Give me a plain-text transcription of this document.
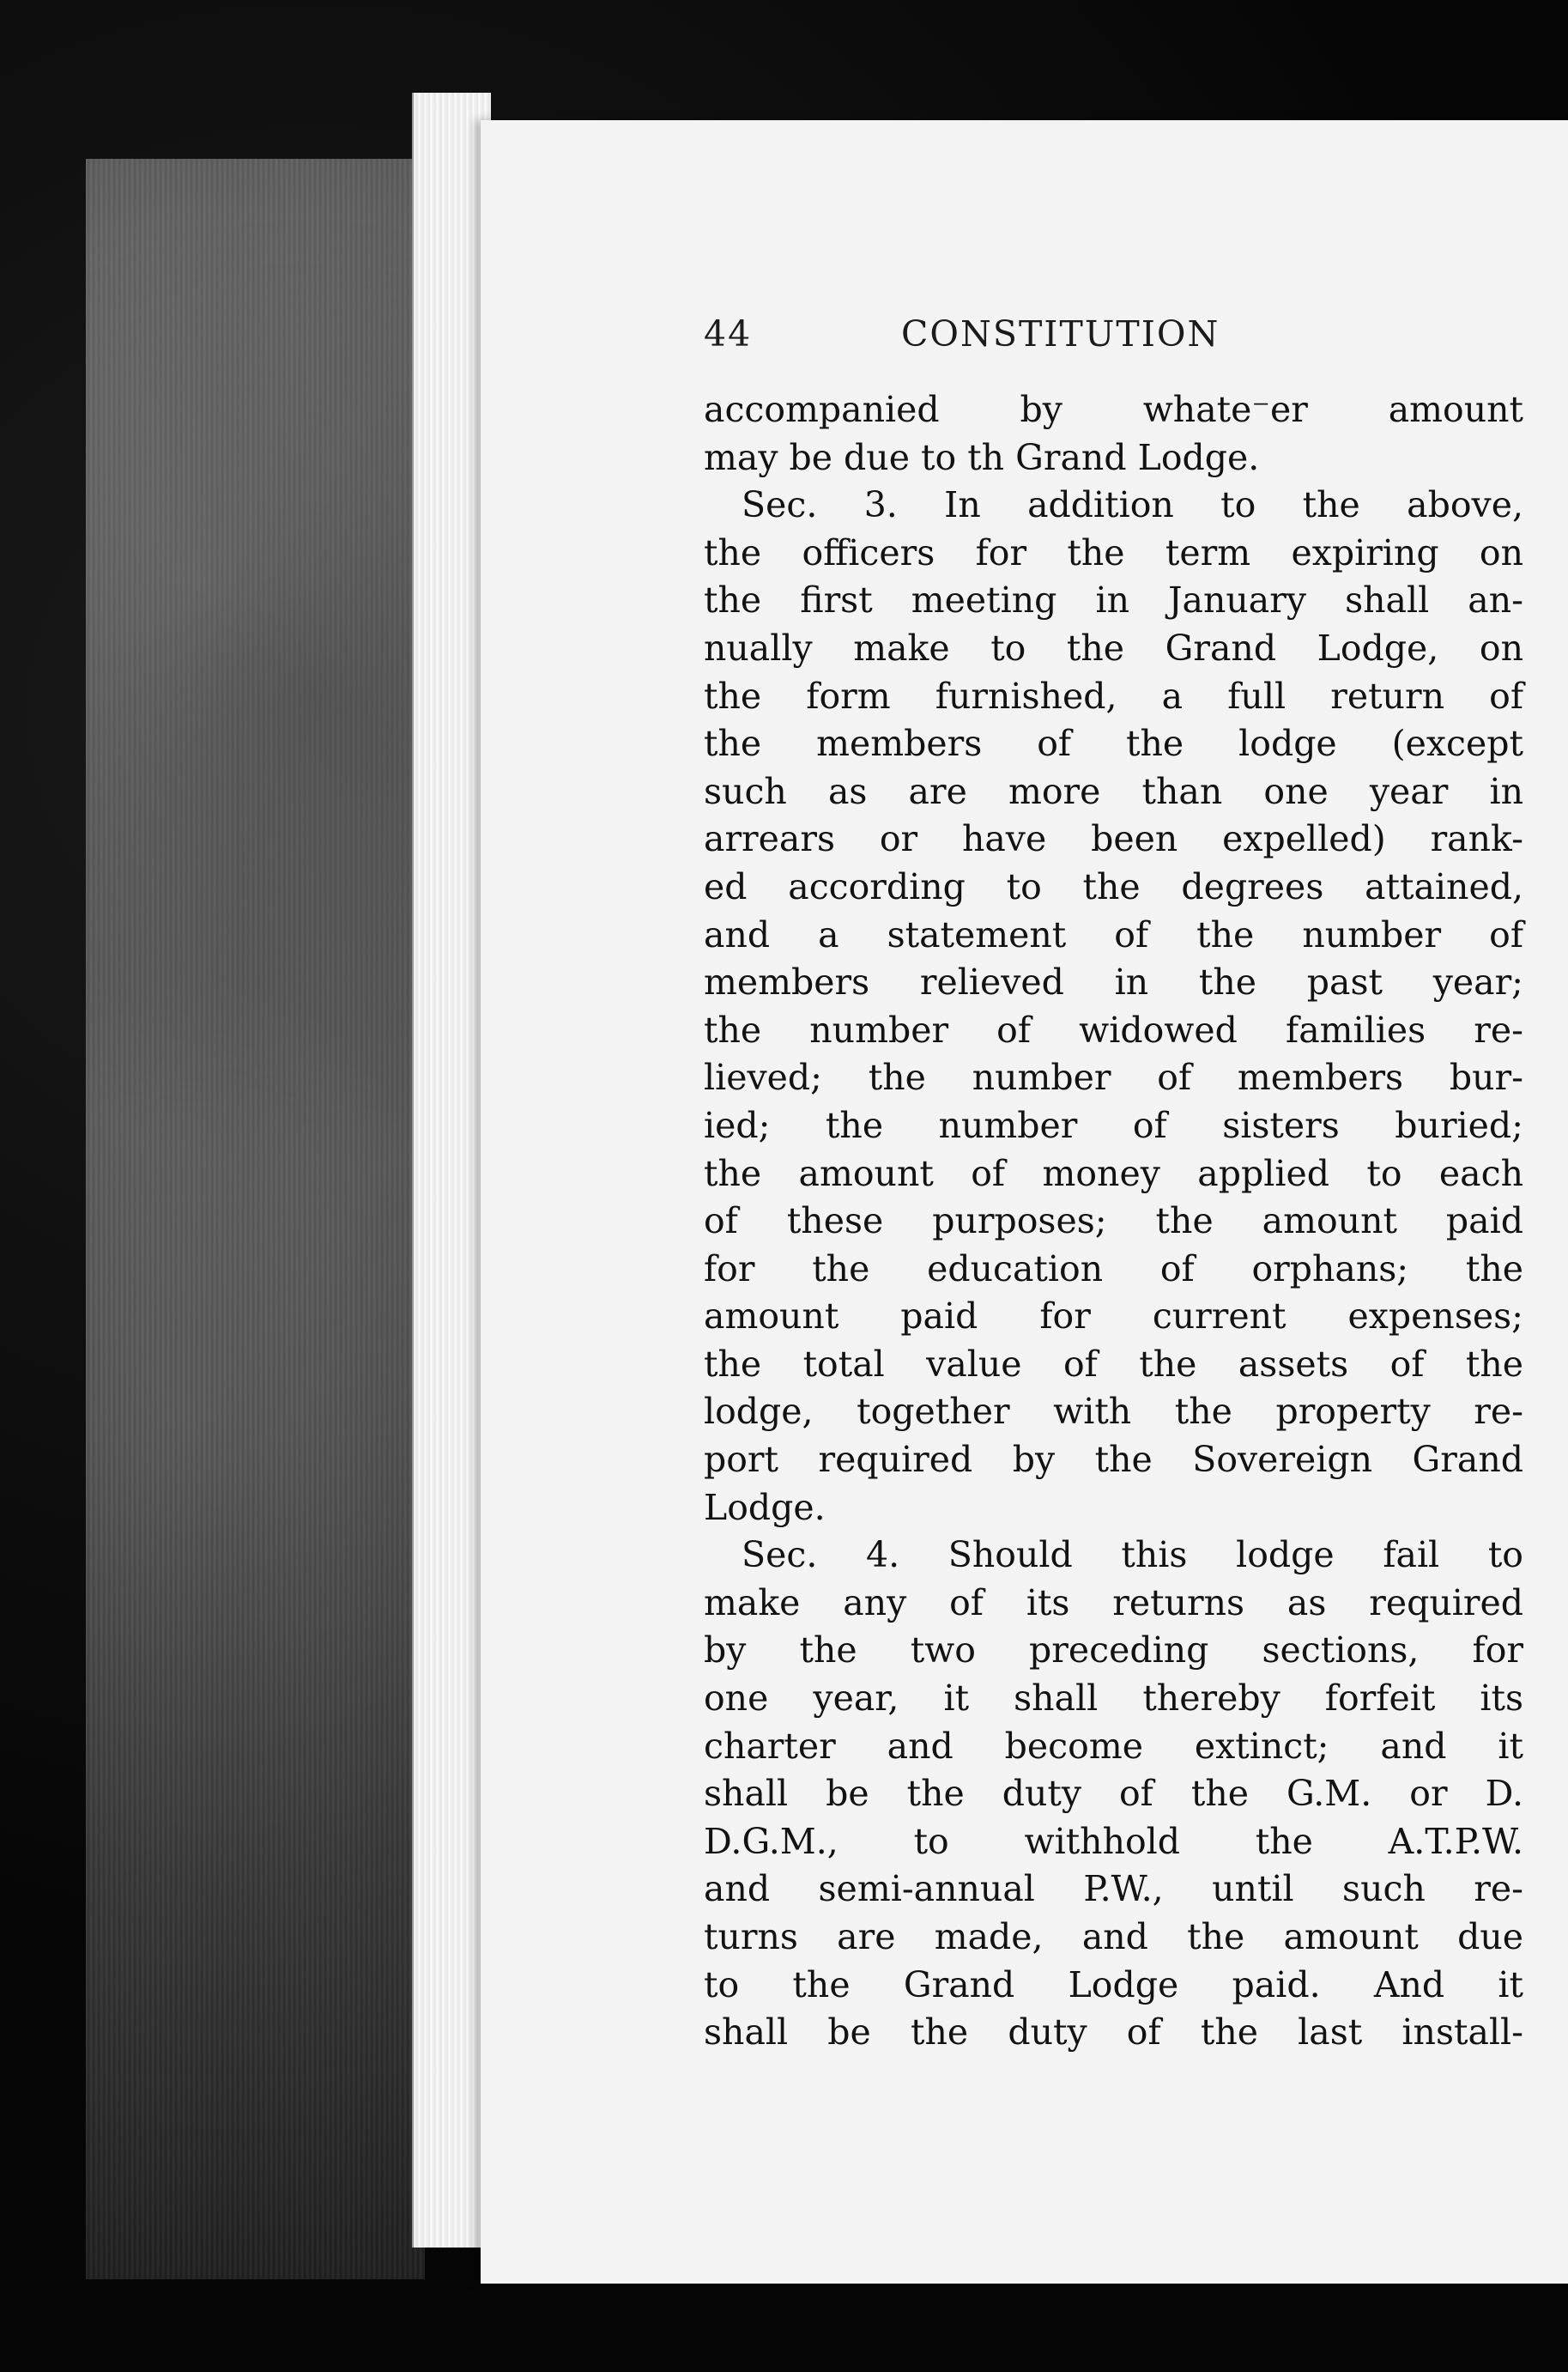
44	CONSTITUTION
accompanied by whate⁻er amount
may be due to th Grand Lodge.
Sec. 3. In addition to the above,
the officers for the term expiring on
the first meeting in January shall an-
nually make to the Grand Lodge, on
the form furnished, a full return of
the members of the lodge (except
such as are more than one year in
arrears or have been expelled) rank-
ed according to the degrees attained,
and a statement of the number of
members relieved in the past year;
the number of widowed families re-
lieved; the number of members bur-
ied; the number of sisters buried;
the amount of money applied to each
of these purposes; the amount paid
for the education of orphans; the
amount paid for current expenses;
the total value of the assets of the
lodge, together with the property re-
port required by the Sovereign Grand
Lodge.
Sec. 4. Should this lodge fail to
make any of its returns as required
by the two preceding sections, for
one year, it shall thereby forfeit its
charter and become extinct; and it
shall be the duty of the G.M. or D.
D.G.M., to withhold the A.T.P.W.
and semi-annual P.W., until such re-
turns are made, and the amount due
to the Grand Lodge paid. And it
shall be the duty of the last install-
